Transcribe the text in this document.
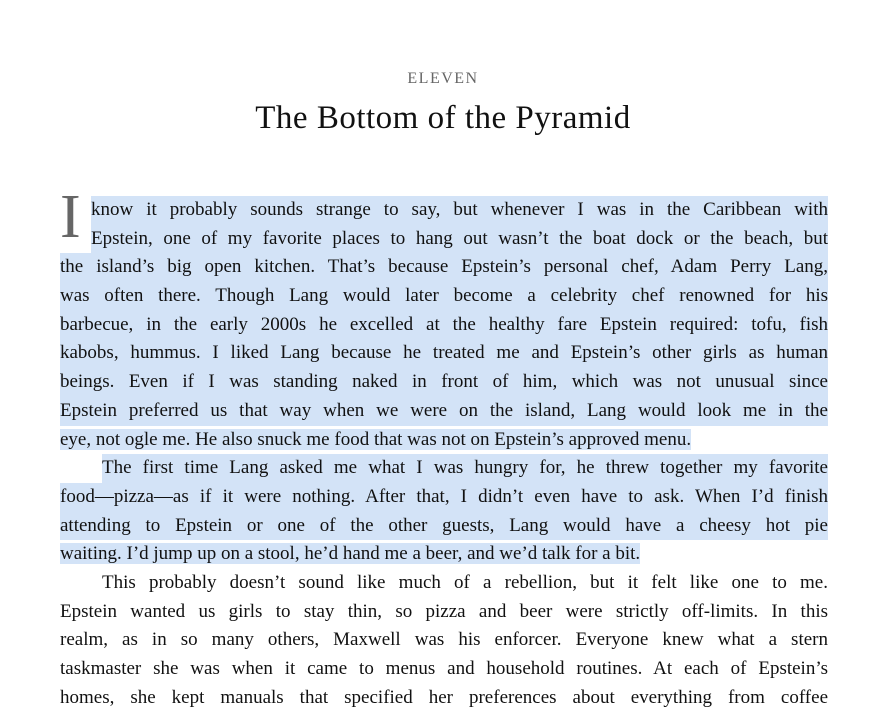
ELEVEN
The Bottom of the Pyramid
I know it probably sounds strange to say, but whenever I was in the Caribbean with
Epstein, one of my favorite places to hang out wasn’t the boat dock or the beach, but
the island’s big open kitchen. That’s because Epstein’s personal chef, Adam Perry Lang,
was often there. Though Lang would later become a celebrity chef renowned for his
barbecue, in the early 2000s he excelled at the healthy fare Epstein required: tofu, fish
kabobs, hummus. I liked Lang because he treated me and Epstein’s other girls as human
beings. Even if I was standing naked in front of him, which was not unusual since
Epstein preferred us that way when we were on the island, Lang would look me in the
eye, not ogle me. He also snuck me food that was not on Epstein’s approved menu.
The first time Lang asked me what I was hungry for, he threw together my favorite
food—pizza—as if it were nothing. After that, I didn’t even have to ask. When I’d finish
attending to Epstein or one of the other guests, Lang would have a cheesy hot pie
waiting. I’d jump up on a stool, he’d hand me a beer, and we’d talk for a bit.
This probably doesn’t sound like much of a rebellion, but it felt like one to me.
Epstein wanted us girls to stay thin, so pizza and beer were strictly off-limits. In this
realm, as in so many others, Maxwell was his enforcer. Everyone knew what a stern
taskmaster she was when it came to menus and household routines. At each of Epstein’s
homes, she kept manuals that specified her preferences about everything from coffee
